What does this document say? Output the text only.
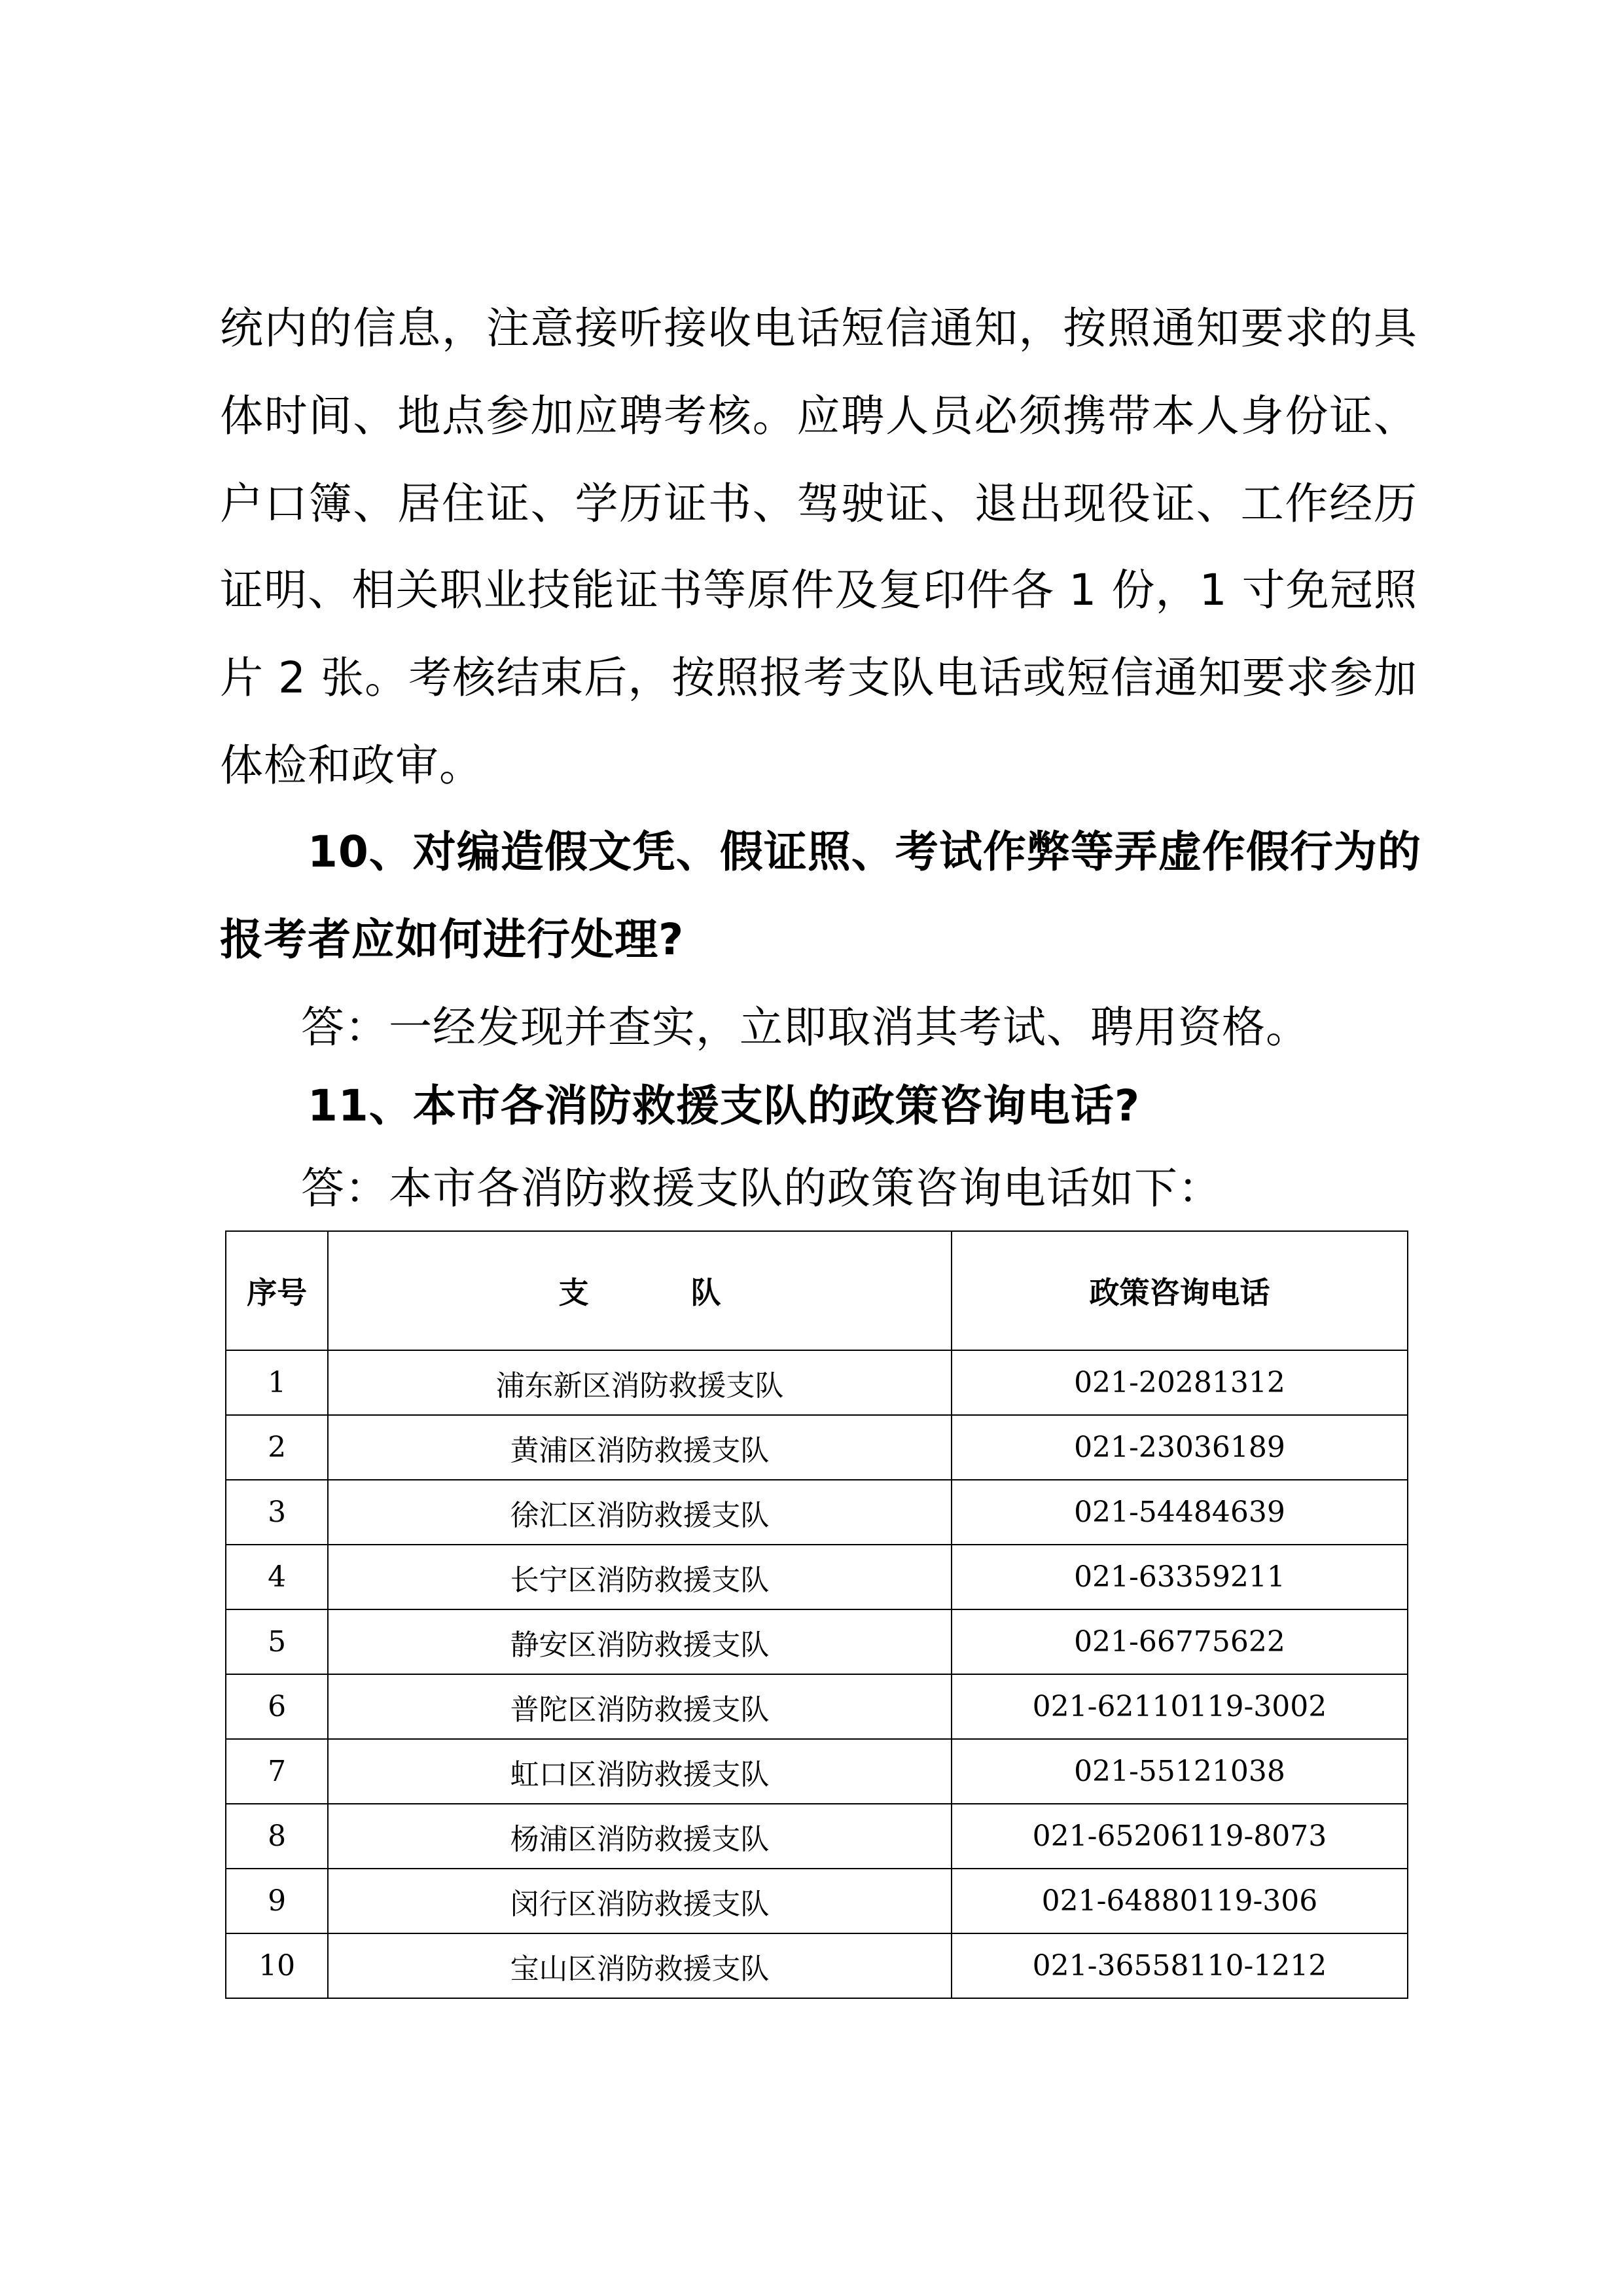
统内的信息，注意接听接收电话短信通知，按照通知要求的具
体时间、地点参加应聘考核。应聘人员必须携带本人身份证、
户口簿、居住证、学历证书、驾驶证、退出现役证、工作经历
证明、相关职业技能证书等原件及复印件各 1 份，1 寸免冠照
片 2 张。考核结束后，按照报考支队电话或短信通知要求参加
体检和政审。
10、对编造假文凭、假证照、考试作弊等弄虚作假行为的
报考者应如何进行处理?
答：一经发现并查实，立即取消其考试、聘用资格。
11、本市各消防救援支队的政策咨询电话?
答：本市各消防救援支队的政策咨询电话如下：
序号	支 队	政策咨询电话
1	浦东新区消防救援支队	021-20281312
2	黄浦区消防救援支队	021-23036189
3	徐汇区消防救援支队	021-54484639
4	长宁区消防救援支队	021-63359211
5	静安区消防救援支队	021-66775622
6	普陀区消防救援支队	021-62110119-3002
7	虹口区消防救援支队	021-55121038
8	杨浦区消防救援支队	021-65206119-8073
9	闵行区消防救援支队	021-64880119-306
10	宝山区消防救援支队	021-36558110-1212
